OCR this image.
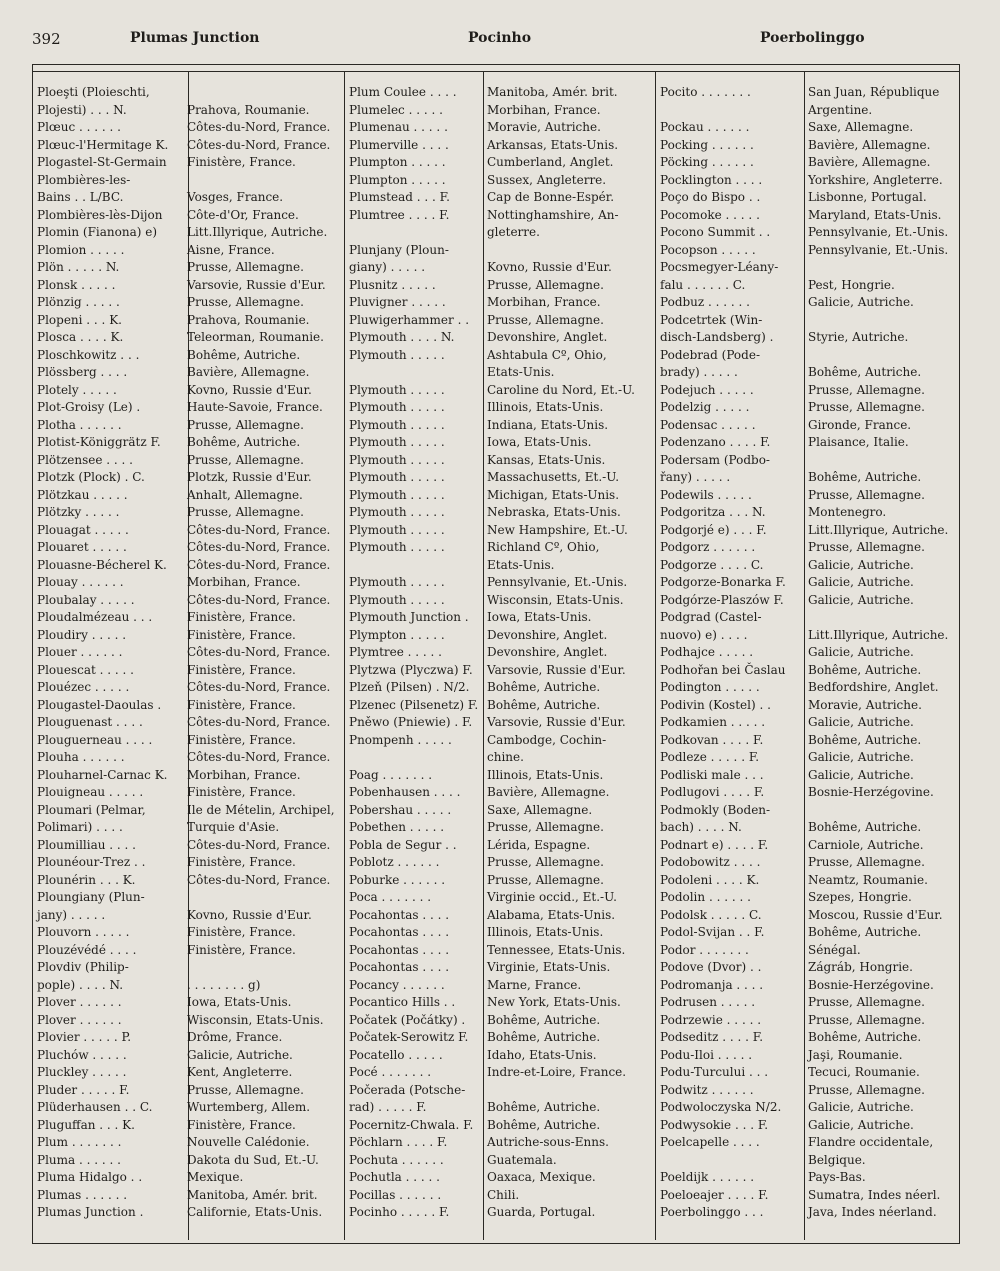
392	Plumas Junction	Pocinho	Poerbolinggo
Ploeşti (Ploieschti,
Plojesti) . . . N.	Prahova, Roumanie.
Plœuc . . . . . .	Côtes-du-Nord, France.
Plœuc-l'Hermitage K.	Côtes-du-Nord, France.
Plogastel-St-Germain	Finistère, France.
Plombières-les-
Bains . . L/BC.	Vosges, France.
Plombières-lès-Dijon	Côte-d'Or, France.
Plomin (Fianona) e)	Litt.Illyrique, Autriche.
Plomion . . . . .	Aisne, France.
Plön . . . . . N.	Prusse, Allemagne.
Plonsk . . . . .	Varsovie, Russie d'Eur.
Plönzig . . . . .	Prusse, Allemagne.
Plopeni . . . K.	Prahova, Roumanie.
Plosca . . . . K.	Teleorman, Roumanie.
Ploschkowitz . . .	Bohême, Autriche.
Plössberg . . . .	Bavière, Allemagne.
Plotely . . . . .	Kovno, Russie d'Eur.
Plot-Groisy (Le) .	Haute-Savoie, France.
Plotha . . . . . .	Prusse, Allemagne.
Plotist-Königgrätz F.	Bohême, Autriche.
Plötzensee . . . .	Prusse, Allemagne.
Plotzk (Plock) . C.	Plotzk, Russie d'Eur.
Plötzkau . . . . .	Anhalt, Allemagne.
Plötzky . . . . .	Prusse, Allemagne.
Plouagat . . . . .	Côtes-du-Nord, France.
Plouaret . . . . .	Côtes-du-Nord, France.
Plouasne-Bécherel K.	Côtes-du-Nord, France.
Plouay . . . . . .	Morbihan, France.
Ploubalay . . . . .	Côtes-du-Nord, France.
Ploudalmézeau . . .	Finistère, France.
Ploudiry . . . . .	Finistère, France.
Plouer . . . . . .	Côtes-du-Nord, France.
Plouescat . . . . .	Finistère, France.
Plouézec . . . . .	Côtes-du-Nord, France.
Plougastel-Daoulas .	Finistère, France.
Plouguenast . . . .	Côtes-du-Nord, France.
Plouguerneau . . . .	Finistère, France.
Plouha . . . . . .	Côtes-du-Nord, France.
Plouharnel-Carnac K.	Morbihan, France.
Plouigneau . . . . .	Finistère, France.
Ploumari (Pelmar,	Ile de Mételin, Archipel,
Polimari) . . . .	Turquie d'Asie.
Ploumilliau . . . .	Côtes-du-Nord, France.
Plounéour-Trez . .	Finistère, France.
Plounérin . . . K.	Côtes-du-Nord, France.
Ploungiany (Plun-
jany) . . . . .	Kovno, Russie d'Eur.
Plouvorn . . . . .	Finistère, France.
Plouzévédé . . . .	Finistère, France.
Plovdiv (Philip-
pople) . . . . N.	. . . . . . . . g)
Plover . . . . . .	Iowa, Etats-Unis.
Plover . . . . . .	Wisconsin, Etats-Unis.
Plovier . . . . . P.	Drôme, France.
Pluchów . . . . .	Galicie, Autriche.
Pluckley . . . . .	Kent, Angleterre.
Pluder . . . . . F.	Prusse, Allemagne.
Plüderhausen . . C.	Wurtemberg, Allem.
Pluguffan . . . K.	Finistère, France.
Plum . . . . . . .	Nouvelle Calédonie.
Pluma . . . . . .	Dakota du Sud, Et.-U.
Pluma Hidalgo . .	Mexique.
Plumas . . . . . .	Manitoba, Amér. brit.
Plumas Junction .	Californie, Etats-Unis.
Plum Coulee . . . .	Manitoba, Amér. brit.
Plumelec . . . . .	Morbihan, France.
Plumenau . . . . .	Moravie, Autriche.
Plumerville . . . .	Arkansas, Etats-Unis.
Plumpton . . . . .	Cumberland, Anglet.
Plumpton . . . . .	Sussex, Angleterre.
Plumstead . . . F.	Cap de Bonne-Espér.
Plumtree . . . . F.	Nottinghamshire, An-
gleterre.
Plunjany (Ploun-
giany) . . . . .	Kovno, Russie d'Eur.
Plusnitz . . . . .	Prusse, Allemagne.
Pluvigner . . . . .	Morbihan, France.
Pluwigerhammer . .	Prusse, Allemagne.
Plymouth . . . . N.	Devonshire, Anglet.
Plymouth . . . . .	Ashtabula Cº, Ohio,
Etats-Unis.
Plymouth . . . . .	Caroline du Nord, Et.-U.
Plymouth . . . . .	Illinois, Etats-Unis.
Plymouth . . . . .	Indiana, Etats-Unis.
Plymouth . . . . .	Iowa, Etats-Unis.
Plymouth . . . . .	Kansas, Etats-Unis.
Plymouth . . . . .	Massachusetts, Et.-U.
Plymouth . . . . .	Michigan, Etats-Unis.
Plymouth . . . . .	Nebraska, Etats-Unis.
Plymouth . . . . .	New Hampshire, Et.-U.
Plymouth . . . . .	Richland Cº, Ohio,
Etats-Unis.
Plymouth . . . . .	Pennsylvanie, Et.-Unis.
Plymouth . . . . .	Wisconsin, Etats-Unis.
Plymouth Junction .	Iowa, Etats-Unis.
Plympton . . . . .	Devonshire, Anglet.
Plymtree . . . . .	Devonshire, Anglet.
Plytzwa (Plyczwa) F.	Varsovie, Russie d'Eur.
Plzeň (Pilsen) . N/2.	Bohême, Autriche.
Plzenec (Pilsenetz) F. Bohême, Autriche.
Pněwo (Pniewie) . F.	Varsovie, Russie d'Eur.
Pnompenh . . . . .	Cambodge, Cochin-
chine.
Poag . . . . . . .	Illinois, Etats-Unis.
Pobenhausen . . . .	Bavière, Allemagne.
Pobershau . . . . .	Saxe, Allemagne.
Pobethen . . . . .	Prusse, Allemagne.
Pobla de Segur . .	Lérida, Espagne.
Poblotz . . . . . .	Prusse, Allemagne.
Poburke . . . . . .	Prusse, Allemagne.
Poca . . . . . . .	Virginie occid., Et.-U.
Pocahontas . . . .	Alabama, Etats-Unis.
Pocahontas . . . .	Illinois, Etats-Unis.
Pocahontas . . . .	Tennessee, Etats-Unis.
Pocahontas . . . .	Virginie, Etats-Unis.
Pocancy . . . . . .	Marne, France.
Pocantico Hills . .	New York, Etats-Unis.
Počatek (Počátky) .	Bohême, Autriche.
Počatek-Serowitz F.	Bohême, Autriche.
Pocatello . . . . .	Idaho, Etats-Unis.
Pocé . . . . . . .	Indre-et-Loire, France.
Počerada (Potsche-
rad) . . . . . F.	Bohême, Autriche.
Pocernitz-Chwala. F.	Bohême, Autriche.
Pöchlarn . . . . F.	Autriche-sous-Enns.
Pochuta . . . . . .	Guatemala.
Pochutla . . . . .	Oaxaca, Mexique.
Pocillas . . . . . .	Chili.
Pocinho . . . . . F.	Guarda, Portugal.
Pocito . . . . . . .	San Juan, République
Argentine.
Pockau . . . . . .	Saxe, Allemagne.
Pocking . . . . . .	Bavière, Allemagne.
Pöcking . . . . . .	Bavière, Allemagne.
Pocklington . . . .	Yorkshire, Angleterre.
Poço do Bispo . .	Lisbonne, Portugal.
Pocomoke . . . . .	Maryland, Etats-Unis.
Pocono Summit . .	Pennsylvanie, Et.-Unis.
Pocopson . . . . .	Pennsylvanie, Et.-Unis.
Pocsmegyer-Léany-
falu . . . . . . C.	Pest, Hongrie.
Podbuz . . . . . .	Galicie, Autriche.
Podcetrtek (Win-
disch-Landsberg) .	Styrie, Autriche.
Podebrad (Pode-
brady) . . . . .	Bohême, Autriche.
Podejuch . . . . .	Prusse, Allemagne.
Podelzig . . . . .	Prusse, Allemagne.
Podensac . . . . .	Gironde, France.
Podenzano . . . . F.	Plaisance, Italie.
Podersam (Podbo-
řany) . . . . .	Bohême, Autriche.
Podewils . . . . .	Prusse, Allemagne.
Podgoritza . . . N.	Montenegro.
Podgorjé e) . . . F.	Litt.Illyrique, Autriche.
Podgorz . . . . . .	Prusse, Allemagne.
Podgorze . . . . C.	Galicie, Autriche.
Podgorze-Bonarka F.	Galicie, Autriche.
Podgórze-Plaszów F.	Galicie, Autriche.
Podgrad (Castel-
nuovo) e) . . . .	Litt.Illyrique, Autriche.
Podhajce . . . . .	Galicie, Autriche.
Podhořan bei Časlau	Bohême, Autriche.
Podington . . . . .	Bedfordshire, Anglet.
Podivin (Kostel) . .	Moravie, Autriche.
Podkamien . . . . .	Galicie, Autriche.
Podkovan . . . . F.	Bohême, Autriche.
Podleze . . . . . F.	Galicie, Autriche.
Podliski male . . .	Galicie, Autriche.
Podlugovi . . . . F.	Bosnie-Herzégovine.
Podmokly (Boden-
bach) . . . . N.	Bohême, Autriche.
Podnart e) . . . . F.	Carniole, Autriche.
Podobowitz . . . .	Prusse, Allemagne.
Podoleni . . . . K.	Neamtz, Roumanie.
Podolin . . . . . .	Szepes, Hongrie.
Podolsk . . . . . C.	Moscou, Russie d'Eur.
Podol-Svijan . . F.	Bohême, Autriche.
Podor . . . . . . .	Sénégal.
Podove (Dvor) . .	Zágráb, Hongrie.
Podromanja . . . .	Bosnie-Herzégovine.
Podrusen . . . . .	Prusse, Allemagne.
Podrzewie . . . . .	Prusse, Allemagne.
Podseditz . . . . F.	Bohême, Autriche.
Podu-Iloi . . . . .	Jaşi, Roumanie.
Podu-Turcului . . .	Tecuci, Roumanie.
Podwitz . . . . . .	Prusse, Allemagne.
Podwoloczyska N/2.	Galicie, Autriche.
Podwysokie . . . F.	Galicie, Autriche.
Poelcapelle . . . .	Flandre occidentale,
Belgique.
Poeldijk . . . . . .	Pays-Bas.
Poeloeajer . . . . F.	Sumatra, Indes néerl.
Poerbolinggo . . .	Java, Indes néerland.
